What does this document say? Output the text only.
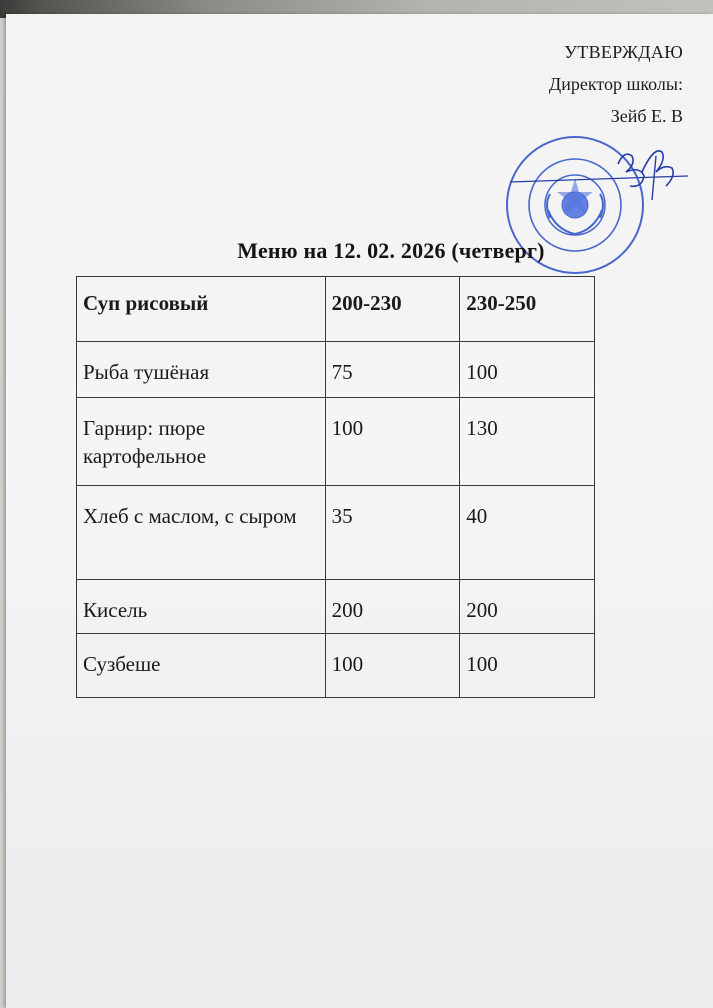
УТВЕРЖДАЮ
Директор школы:
Зейб Е. В
Меню на 12. 02. 2026 (четверг)
Суп рисовый	200-230	230-250
Рыба тушёная	75	100
Гарнир: пюре картофельное	100	130
Хлеб с маслом, с сыром	35	40
Кисель	200	200
Сузбеше	100	100
